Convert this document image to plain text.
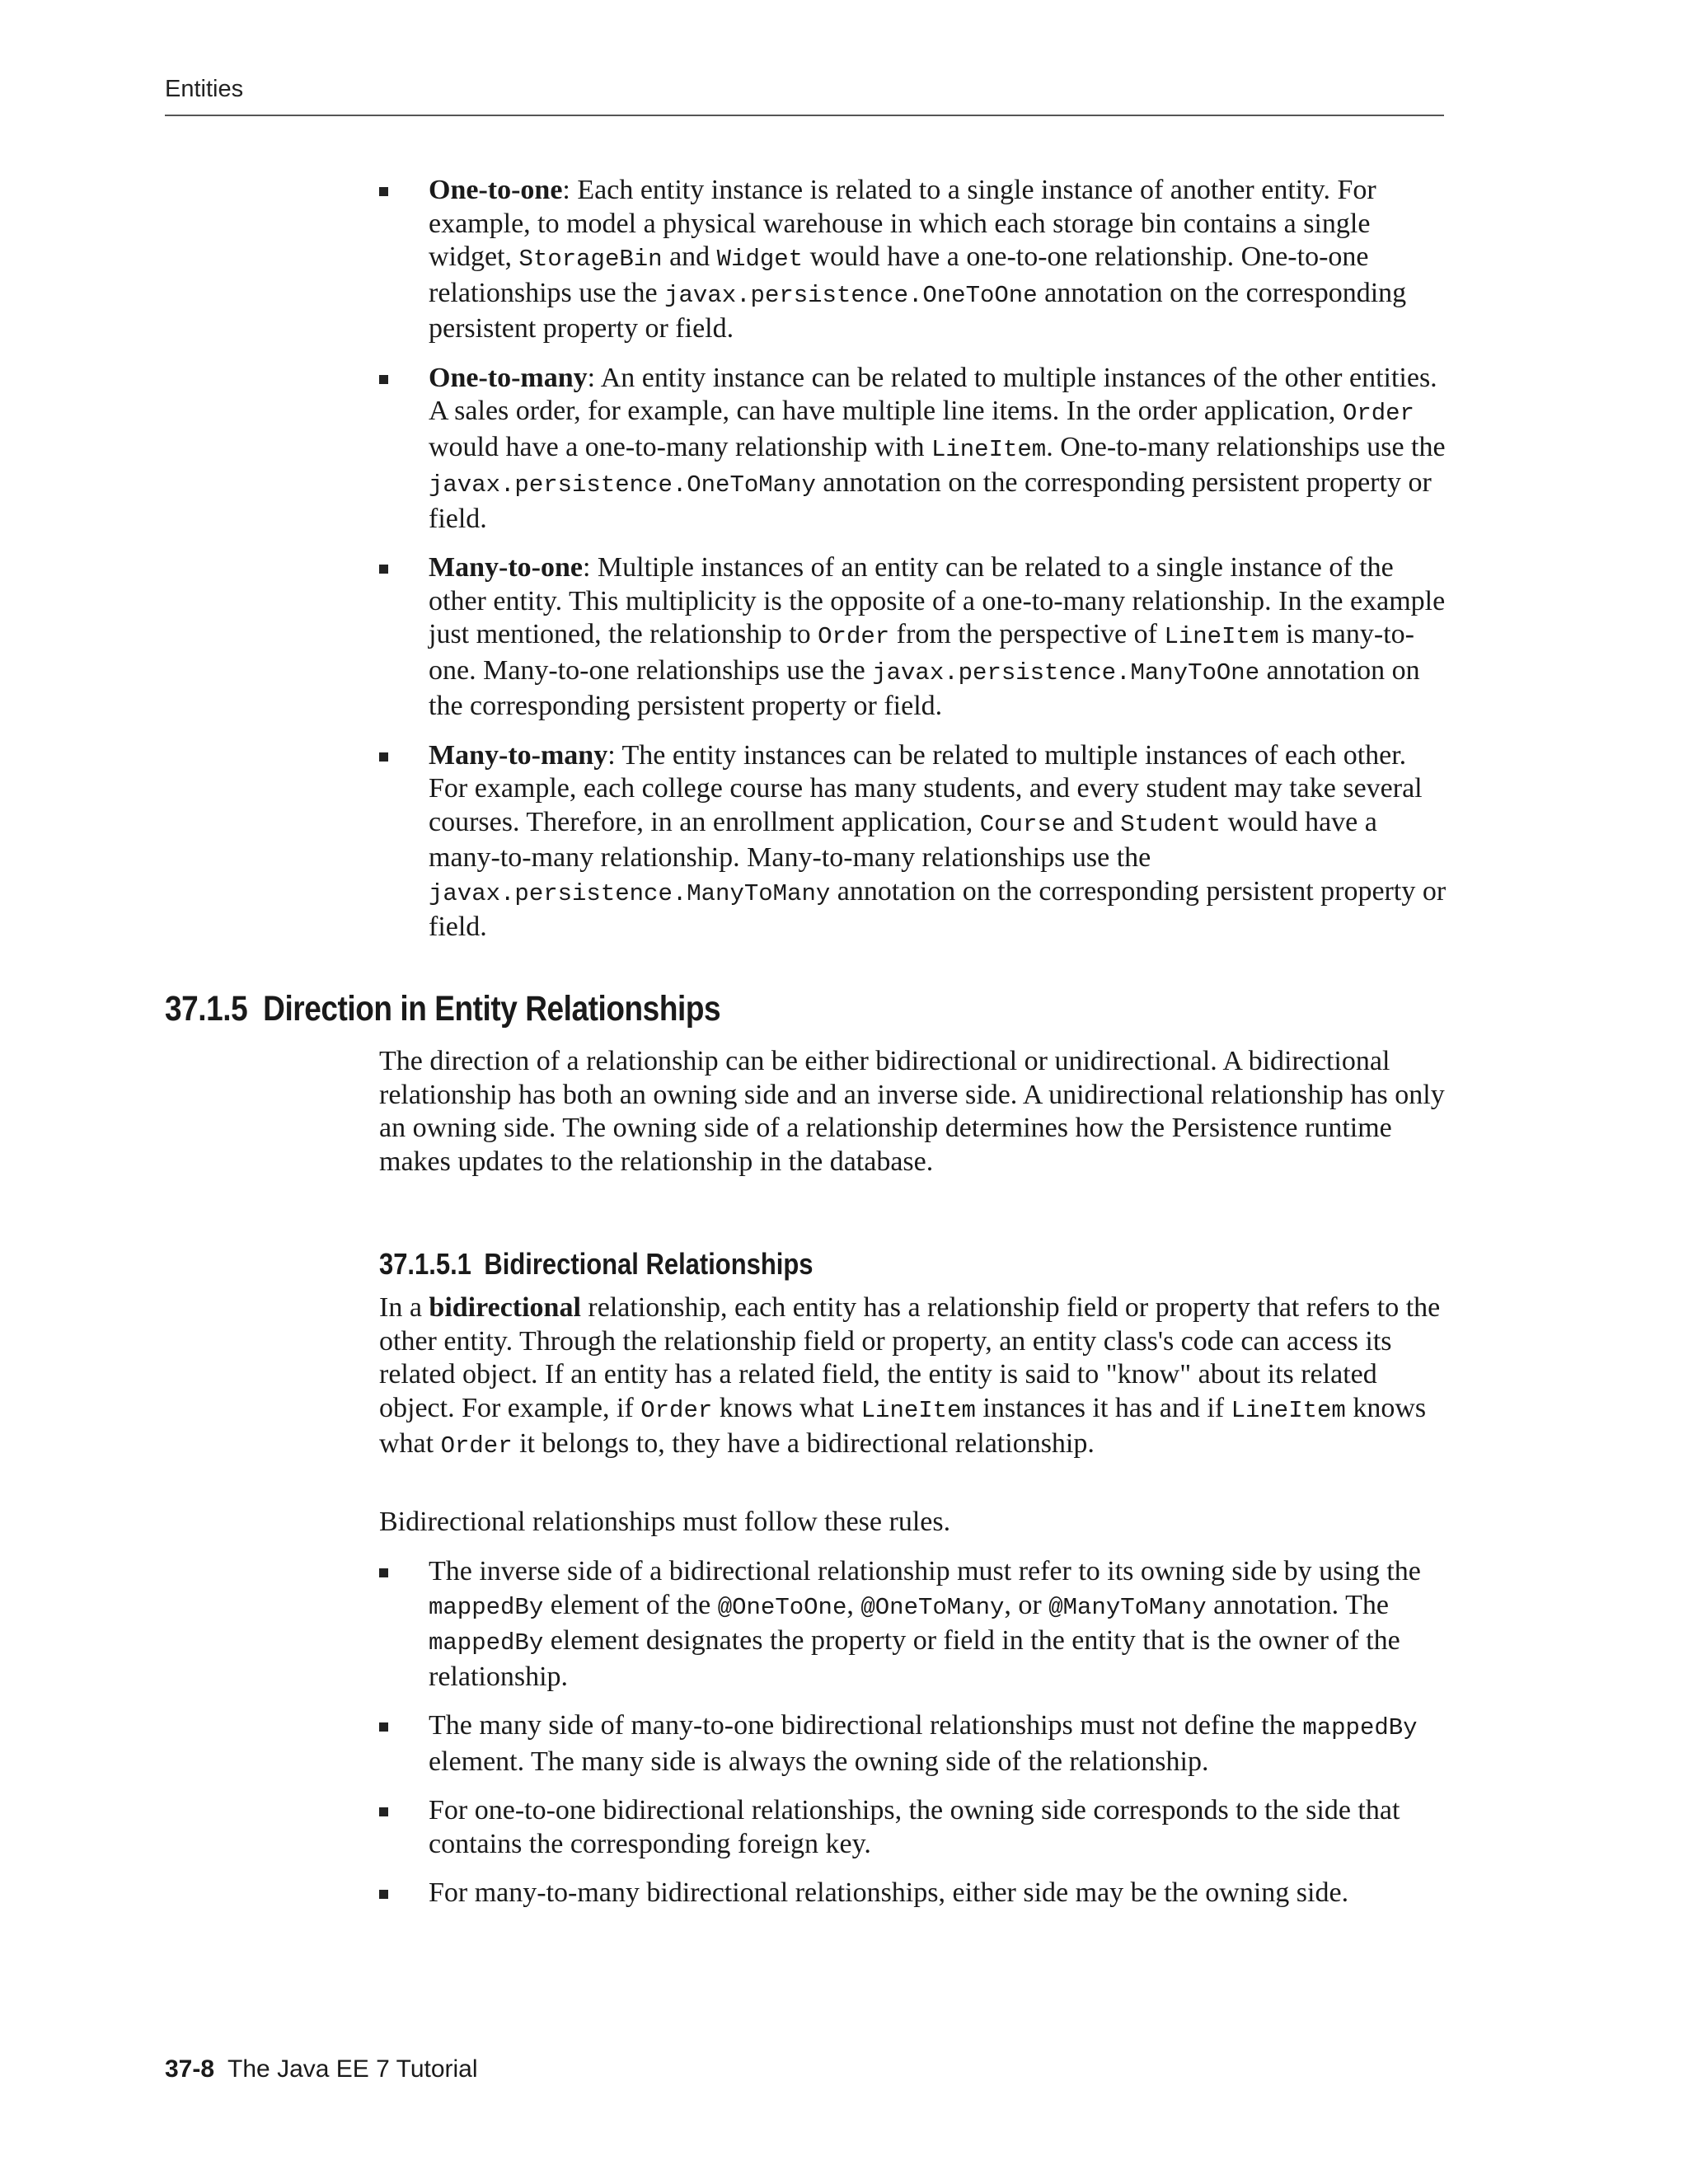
Entities
One-to-one: Each entity instance is related to a single instance of another entity. For example, to model a physical warehouse in which each storage bin contains a single widget, StorageBin and Widget would have a one-to-one relationship. One-to-one relationships use the javax.persistence.OneToOne annotation on the corresponding persistent property or field.
One-to-many: An entity instance can be related to multiple instances of the other entities. A sales order, for example, can have multiple line items. In the order application, Order would have a one-to-many relationship with LineItem. One-to-many relationships use the javax.persistence.OneToMany annotation on the corresponding persistent property or field.
Many-to-one: Multiple instances of an entity can be related to a single instance of the other entity. This multiplicity is the opposite of a one-to-many relationship. In the example just mentioned, the relationship to Order from the perspective of LineItem is many-to-one. Many-to-one relationships use the javax.persistence.ManyToOne annotation on the corresponding persistent property or field.
Many-to-many: The entity instances can be related to multiple instances of each other. For example, each college course has many students, and every student may take several courses. Therefore, in an enrollment application, Course and Student would have a many-to-many relationship. Many-to-many relationships use the javax.persistence.ManyToMany annotation on the corresponding persistent property or field.
37.1.5 Direction in Entity Relationships

The direction of a relationship can be either bidirectional or unidirectional. A bidirectional relationship has both an owning side and an inverse side. A unidirectional relationship has only an owning side. The owning side of a relationship determines how the Persistence runtime makes updates to the relationship in the database.

37.1.5.1 Bidirectional Relationships

In a bidirectional relationship, each entity has a relationship field or property that refers to the other entity. Through the relationship field or property, an entity class's code can access its related object. If an entity has a related field, the entity is said to "know" about its related object. For example, if Order knows what LineItem instances it has and if LineItem knows what Order it belongs to, they have a bidirectional relationship.

Bidirectional relationships must follow these rules.

The inverse side of a bidirectional relationship must refer to its owning side by using the mappedBy element of the @OneToOne, @OneToMany, or @ManyToMany annotation. The mappedBy element designates the property or field in the entity that is the owner of the relationship.
The many side of many-to-one bidirectional relationships must not define the mappedBy element. The many side is always the owning side of the relationship.
For one-to-one bidirectional relationships, the owning side corresponds to the side that contains the corresponding foreign key.
For many-to-many bidirectional relationships, either side may be the owning side.
37-8 The Java EE 7 Tutorial
